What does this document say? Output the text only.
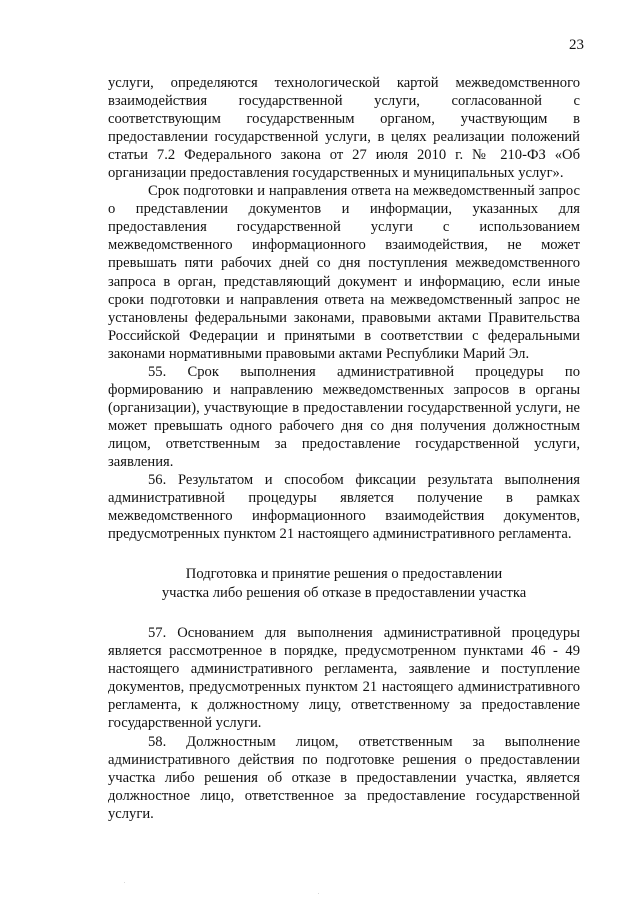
23

услуги, определяются технологической картой межведомственного взаимодействия государственной услуги, согласованной с соответствующим государственным органом, участвующим в предоставлении государственной услуги, в целях реализации положений статьи 7.2 Федерального закона от 27 июля 2010 г. № 210-ФЗ «Об организации предоставления государственных и муниципальных услуг».

Срок подготовки и направления ответа на межведомственный запрос о представлении документов и информации, указанных для предоставления государственной услуги с использованием межведомственного информационного взаимодействия, не может превышать пяти рабочих дней со дня поступления межведомственного запроса в орган, представляющий документ и информацию, если иные сроки подготовки и направления ответа на межведомственный запрос не установлены федеральными законами, правовыми актами Правительства Российской Федерации и принятыми в соответствии с федеральными законами нормативными правовыми актами Республики Марий Эл.

55. Срок выполнения административной процедуры по формированию и направлению межведомственных запросов в органы (организации), участвующие в предоставлении государственной услуги, не может превышать одного рабочего дня со дня получения должностным лицом, ответственным за предоставление государственной услуги, заявления.

56. Результатом и способом фиксации результата выполнения административной процедуры является получение в рамках межведомственного информационного взаимодействия документов, предусмотренных пунктом 21 настоящего административного регламента.

Подготовка и принятие решения о предоставлении
участка либо решения об отказе в предоставлении участка

57. Основанием для выполнения административной процедуры является рассмотренное в порядке, предусмотренном пунктами 46 - 49 настоящего административного регламента, заявление и поступление документов, предусмотренных пунктом 21 настоящего административного регламента, к должностному лицу, ответственному за предоставление государственной услуги.

58. Должностным лицом, ответственным за выполнение административного действия по подготовке решения о предоставлении участка либо решения об отказе в предоставлении участка, является должностное лицо, ответственное за предоставление государственной услуги.
